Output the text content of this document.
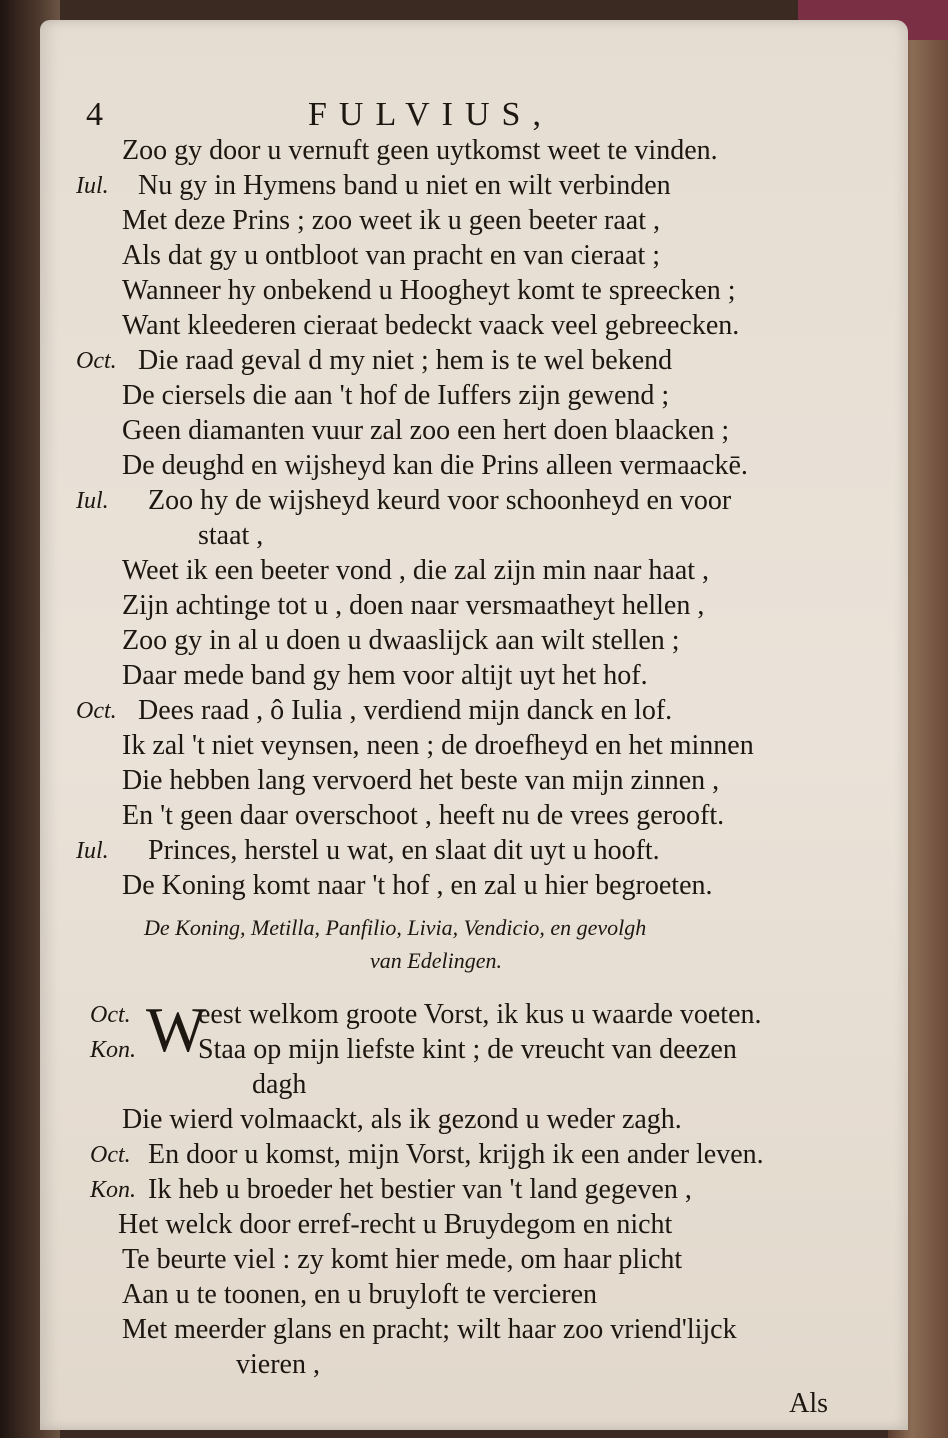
4	FULVIUS,
Zoo gy door u vernuft geen uytkomst weet te vinden.
Iul. Nu gy in Hymens band u niet en wilt verbinden
Met deze Prins ; zoo weet ik u geen beeter raat ,
Als dat gy u ontbloot van pracht en van cieraat ;
Wanneer hy onbekend u Hoogheyt komt te spreecken ;
Want kleederen cieraat bedeckt vaack veel gebreecken.
Oct. Die raad geval d my niet ; hem is te wel bekend
De ciersels die aan 't hof de Iuffers zijn gewend ;
Geen diamanten vuur zal zoo een hert doen blaacken ;
De deughd en wijsheyd kan die Prins alleen vermaackē.
Iul. Zoo hy de wijsheyd keurd voor schoonheyd en voor
staat ,
Weet ik een beeter vond , die zal zijn min naar haat ,
Zijn achtinge tot u , doen naar versmaatheyt hellen ,
Zoo gy in al u doen u dwaaslijck aan wilt stellen ;
Daar mede band gy hem voor altijt uyt het hof.
Oct. Dees raad , ô Iulia , verdiend mijn danck en lof.
Ik zal 't niet veynsen, neen ; de droefheyd en het minnen
Die hebben lang vervoerd het beste van mijn zinnen ,
En 't geen daar overschoot , heeft nu de vrees gerooft.
Iul. Princes, herstel u wat, en slaat dit uyt u hooft.
De Koning komt naar 't hof , en zal u hier begroeten.
De Koning, Metilla, Panfilio, Livia, Vendicio, en gevolgh
van Edelingen.
W
Oct. eest welkom groote Vorst, ik kus u waarde voeten.
Kon. Staa op mijn liefste kint ; de vreucht van deezen
dagh
Die wierd volmaackt, als ik gezond u weder zagh.
Oct. En door u komst, mijn Vorst, krijgh ik een ander leven.
Kon. Ik heb u broeder het bestier van 't land gegeven ,
Het welck door erref-recht u Bruydegom en nicht
Te beurte viel : zy komt hier mede, om haar plicht
Aan u te toonen, en u bruyloft te vercieren
Met meerder glans en pracht; wilt haar zoo vriend'lijck
vieren ,
Als
